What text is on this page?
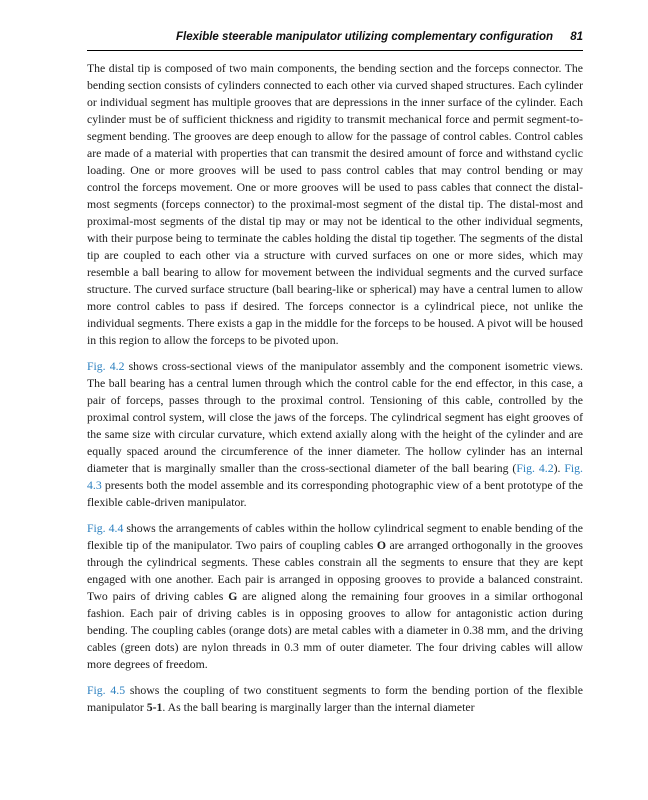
Flexible steerable manipulator utilizing complementary configuration 81

The distal tip is composed of two main components, the bending section and the forceps connector. The bending section consists of cylinders connected to each other via curved shaped structures. Each cylinder or individual segment has multiple grooves that are depressions in the inner surface of the cylinder. Each cylinder must be of sufficient thickness and rigidity to transmit mechanical force and permit segment-to-segment bending. The grooves are deep enough to allow for the passage of control cables. Control cables are made of a material with properties that can transmit the desired amount of force and withstand cyclic loading. One or more grooves will be used to pass control cables that may control bending or may control the forceps movement. One or more grooves will be used to pass cables that connect the distal-most segments (forceps connector) to the proximal-most segment of the distal tip. The distal-most and proximal-most segments of the distal tip may or may not be identical to the other individual segments, with their purpose being to terminate the cables holding the distal tip together. The segments of the distal tip are coupled to each other via a structure with curved surfaces on one or more sides, which may resemble a ball bearing to allow for movement between the individual segments and the curved surface structure. The curved surface structure (ball bearing-like or spherical) may have a central lumen to allow more control cables to pass if desired. The forceps connector is a cylindrical piece, not unlike the individual segments. There exists a gap in the middle for the forceps to be housed. A pivot will be housed in this region to allow the forceps to be pivoted upon.

Fig. 4.2 shows cross-sectional views of the manipulator assembly and the component isometric views. The ball bearing has a central lumen through which the control cable for the end effector, in this case, a pair of forceps, passes through to the proximal control. Tensioning of this cable, controlled by the proximal control system, will close the jaws of the forceps. The cylindrical segment has eight grooves of the same size with circular curvature, which extend axially along with the height of the cylinder and are equally spaced around the circumference of the inner diameter. The hollow cylinder has an internal diameter that is marginally smaller than the cross-sectional diameter of the ball bearing (Fig. 4.2). Fig. 4.3 presents both the model assemble and its corresponding photographic view of a bent prototype of the flexible cable-driven manipulator.

Fig. 4.4 shows the arrangements of cables within the hollow cylindrical segment to enable bending of the flexible tip of the manipulator. Two pairs of coupling cables O are arranged orthogonally in the grooves through the cylindrical segments. These cables constrain all the segments to ensure that they are kept engaged with one another. Each pair is arranged in opposing grooves to provide a balanced constraint. Two pairs of driving cables G are aligned along the remaining four grooves in a similar orthogonal fashion. Each pair of driving cables is in opposing grooves to allow for antagonistic action during bending. The coupling cables (orange dots) are metal cables with a diameter in 0.38 mm, and the driving cables (green dots) are nylon threads in 0.3 mm of outer diameter. The four driving cables will allow more degrees of freedom.

Fig. 4.5 shows the coupling of two constituent segments to form the bending portion of the flexible manipulator 5-1. As the ball bearing is marginally larger than the internal diameter
